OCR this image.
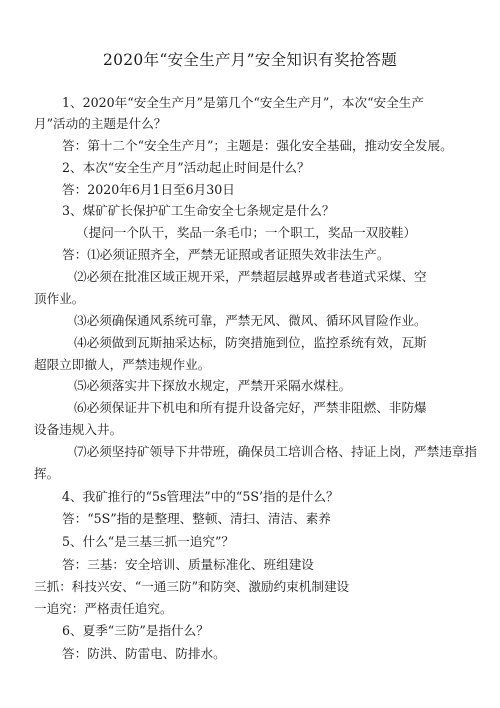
2020年“安全生产月”安全知识有奖抢答题
1、2020年“安全生产月”是第几个“安全生产月”，本次“安全生产
月”活动的主题是什么？
答：第十二个“安全生产月”；主题是：强化安全基础，推动安全发展。
2、本次“安全生产月”活动起止时间是什么？
答：2020年6月1日至6月30日
3、煤矿矿长保护矿工生命安全七条规定是什么？
（提问一个队干，奖品一条毛巾；一个职工，奖品一双胶鞋）
答：⑴必须证照齐全，严禁无证照或者证照失效非法生产。
⑵必须在批准区域正规开采，严禁超层越界或者巷道式采煤、空
顶作业。
⑶必须确保通风系统可靠，严禁无风、微风、循环风冒险作业。
⑷必须做到瓦斯抽采达标，防突措施到位，监控系统有效，瓦斯
超限立即撤人，严禁违规作业。
⑸必须落实井下探放水规定，严禁开采隔水煤柱。
⑹必须保证井下机电和所有提升设备完好，严禁非阻燃、非防爆
设备违规入井。
⑺必须坚持矿领导下井带班，确保员工培训合格、持证上岗，严禁违章指
挥。
4、我矿推行的“5s管理法”中的“5S’指的是什么？
答：“5S”指的是整理、整顿、清扫、清洁、素养
5、什么“是三基三抓一追究”？
答：三基：安全培训、质量标准化、班组建设
三抓：科技兴安、“一通三防”和防突、激励约束机制建设
一追究：严格责任追究。
6、夏季“三防”是指什么？
答：防洪、防雷电、防排水。
